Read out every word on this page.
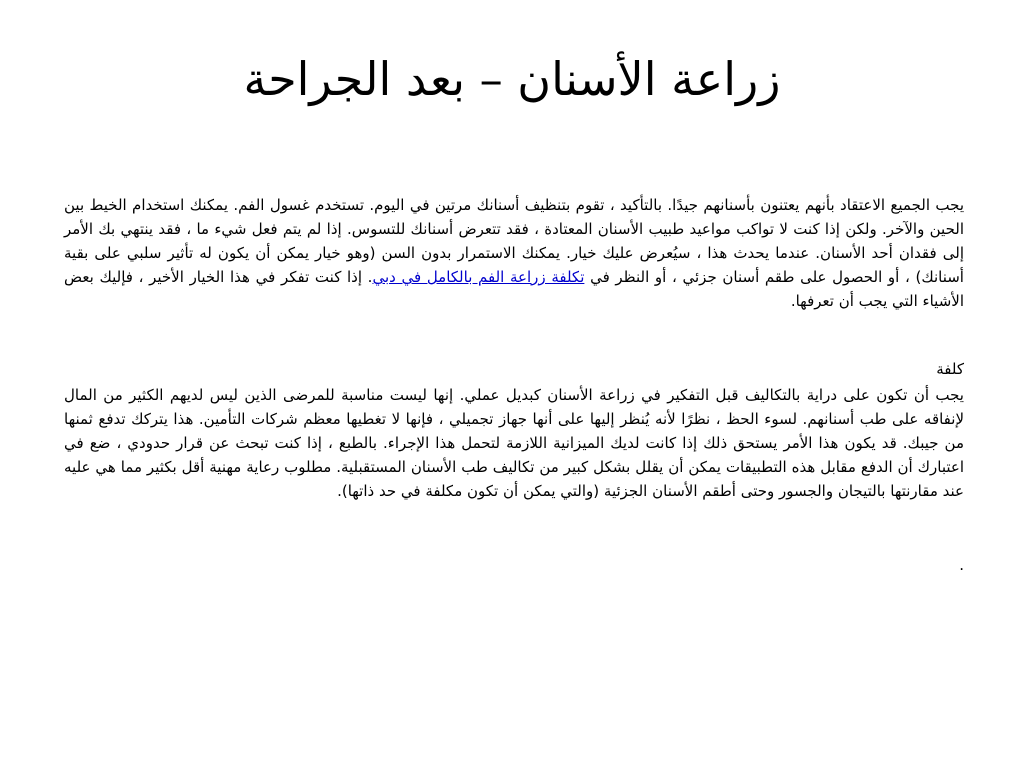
زراعة الأسنان – بعد الجراحة

يجب الجميع الاعتقاد بأنهم يعتنون بأسنانهم جيدًا. بالتأكيد ، تقوم بتنظيف أسنانك مرتين في اليوم. تستخدم غسول الفم. يمكنك استخدام الخيط بين الحين والآخر. ولكن إذا كنت لا تواكب مواعيد طبيب الأسنان المعتادة ، فقد تتعرض أسنانك للتسوس. إذا لم يتم فعل شيء ما ، فقد ينتهي بك الأمر إلى فقدان أحد الأسنان. عندما يحدث هذا ، سيُعرض عليك خيار. يمكنك الاستمرار بدون السن (وهو خيار يمكن أن يكون له تأثير سلبي على بقية أسنانك) ، أو الحصول على طقم أسنان جزئي ، أو النظر في تكلفة زراعة الفم بالكامل في دبي. إذا كنت تفكر في هذا الخيار الأخير ، فإليك بعض الأشياء التي يجب أن تعرفها.

كلفة

يجب أن تكون على دراية بالتكاليف قبل التفكير في زراعة الأسنان كبديل عملي. إنها ليست مناسبة للمرضى الذين ليس لديهم الكثير من المال لإنفاقه على طب أسنانهم. لسوء الحظ ، نظرًا لأنه يُنظر إليها على أنها جهاز تجميلي ، فإنها لا تغطيها معظم شركات التأمين. هذا يتركك تدفع ثمنها من جيبك. قد يكون هذا الأمر يستحق ذلك إذا كانت لديك الميزانية اللازمة لتحمل هذا الإجراء. بالطبع ، إذا كنت تبحث عن قرار حدودي ، ضع في اعتبارك أن الدفع مقابل هذه التطبيقات يمكن أن يقلل بشكل كبير من تكاليف طب الأسنان المستقبلية. مطلوب رعاية مهنية أقل بكثير مما هي عليه عند مقارنتها بالتيجان والجسور وحتى أطقم الأسنان الجزئية (والتي يمكن أن تكون مكلفة في حد ذاتها).

.
